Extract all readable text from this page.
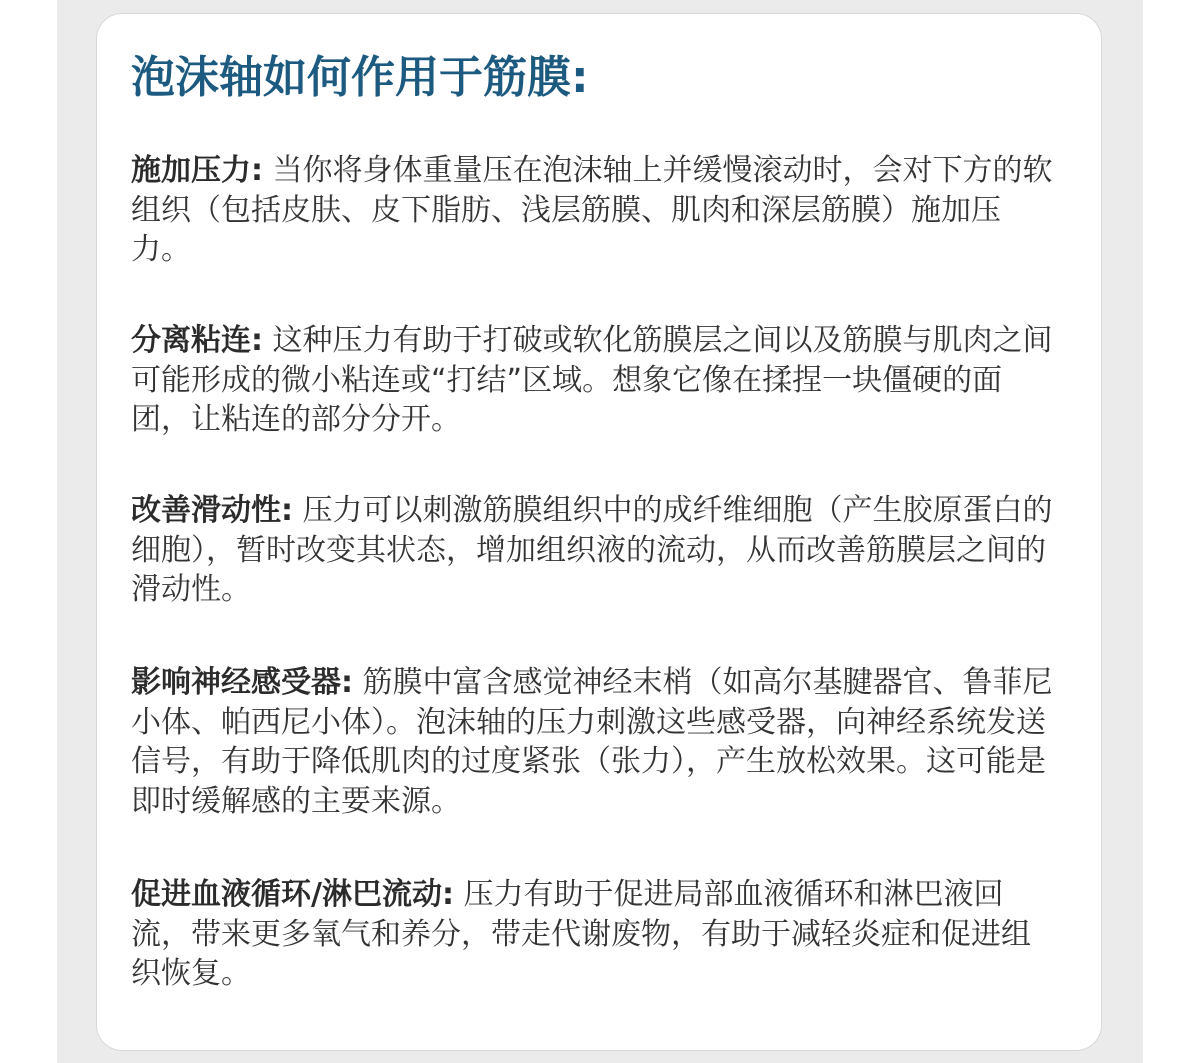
泡沫轴如何作用于筋膜:

施加压力: 当你将身体重量压在泡沫轴上并缓慢滚动时，会对下方的软组织（包括皮肤、皮下脂肪、浅层筋膜、肌肉和深层筋膜）施加压力。

分离粘连: 这种压力有助于打破或软化筋膜层之间以及筋膜与肌肉之间可能形成的微小粘连或“打结”区域。想象它像在揉捏一块僵硬的面团，让粘连的部分分开。

改善滑动性: 压力可以刺激筋膜组织中的成纤维细胞（产生胶原蛋白的细胞），暂时改变其状态，增加组织液的流动，从而改善筋膜层之间的滑动性。

影响神经感受器: 筋膜中富含感觉神经末梢（如高尔基腱器官、鲁菲尼小体、帕西尼小体）。泡沫轴的压力刺激这些感受器，向神经系统发送信号，有助于降低肌肉的过度紧张（张力），产生放松效果。这可能是即时缓解感的主要来源。

促进血液循环/淋巴流动: 压力有助于促进局部血液循环和淋巴液回流，带来更多氧气和养分，带走代谢废物，有助于减轻炎症和促进组织恢复。
